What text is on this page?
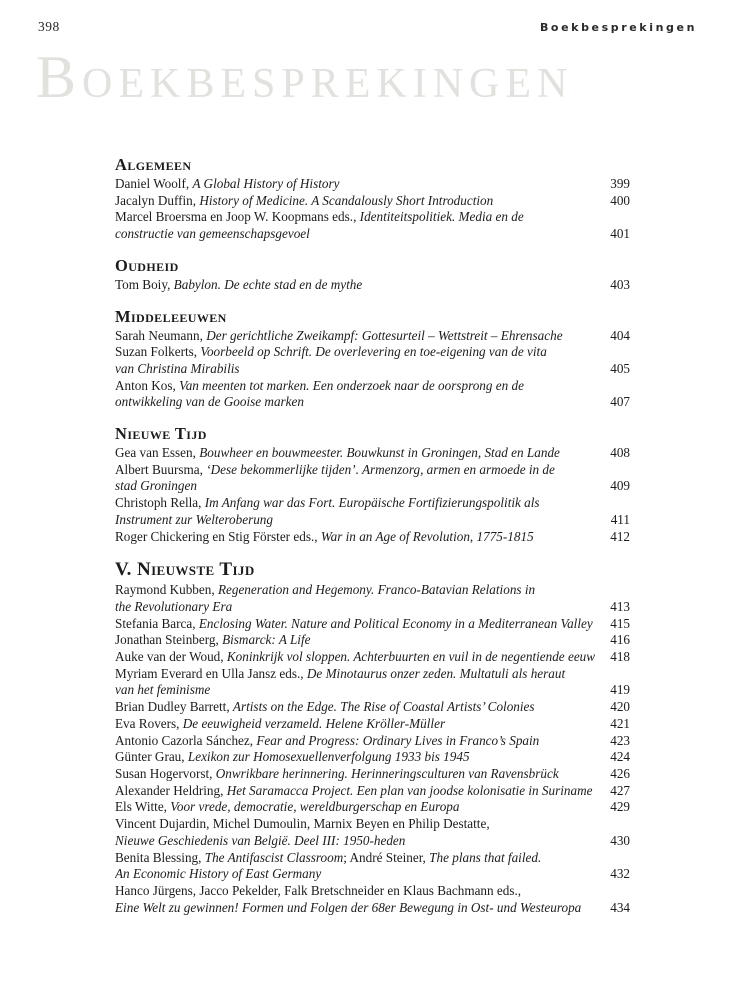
398	Boekbesprekingen
Boekbesprekingen
Algemeen
Daniel Woolf, A Global History of History	399
Jacalyn Duffin, History of Medicine. A Scandalously Short Introduction	400
Marcel Broersma en Joop W. Koopmans eds., Identiteitspolitiek. Media en de
constructie van gemeenschapsgevoel	401
Oudheid
Tom Boiy, Babylon. De echte stad en de mythe	403
Middeleeuwen
Sarah Neumann, Der gerichtliche Zweikampf: Gottesurteil – Wettstreit – Ehrensache	404
Suzan Folkerts, Voorbeeld op Schrift. De overlevering en toe-eigening van de vita
van Christina Mirabilis	405
Anton Kos, Van meenten tot marken. Een onderzoek naar de oorsprong en de
ontwikkeling van de Gooise marken	407
Nieuwe Tijd
Gea van Essen, Bouwheer en bouwmeester. Bouwkunst in Groningen, Stad en Lande	408
Albert Buursma, ‘Dese bekommerlijke tijden’. Armenzorg, armen en armoede in de
stad Groningen	409
Christoph Rella, Im Anfang war das Fort. Europäische Fortifizierungspolitik als
Instrument zur Welteroberung	411
Roger Chickering en Stig Förster eds., War in an Age of Revolution, 1775-1815	412
V. Nieuwste Tijd
Raymond Kubben, Regeneration and Hegemony. Franco-Batavian Relations in
the Revolutionary Era	413
Stefania Barca, Enclosing Water. Nature and Political Economy in a Mediterranean Valley	415
Jonathan Steinberg, Bismarck: A Life	416
Auke van der Woud, Koninkrijk vol sloppen. Achterbuurten en vuil in de negentiende eeuw	418
Myriam Everard en Ulla Jansz eds., De Minotaurus onzer zeden. Multatuli als heraut
van het feminisme	419
Brian Dudley Barrett, Artists on the Edge. The Rise of Coastal Artists’ Colonies	420
Eva Rovers, De eeuwigheid verzameld. Helene Kröller-Müller	421
Antonio Cazorla Sánchez, Fear and Progress: Ordinary Lives in Franco’s Spain	423
Günter Grau, Lexikon zur Homosexuellenverfolgung 1933 bis 1945	424
Susan Hogervorst, Onwrikbare herinnering. Herinneringsculturen van Ravensbrück	426
Alexander Heldring, Het Saramacca Project. Een plan van joodse kolonisatie in Suriname	427
Els Witte, Voor vrede, democratie, wereldburgerschap en Europa	429
Vincent Dujardin, Michel Dumoulin, Marnix Beyen en Philip Destatte,
Nieuwe Geschiedenis van België. Deel III: 1950-heden	430
Benita Blessing, The Antifascist Classroom; André Steiner, The plans that failed.
An Economic History of East Germany	432
Hanco Jürgens, Jacco Pekelder, Falk Bretschneider en Klaus Bachmann eds.,
Eine Welt zu gewinnen! Formen und Folgen der 68er Bewegung in Ost- und Westeuropa	434
